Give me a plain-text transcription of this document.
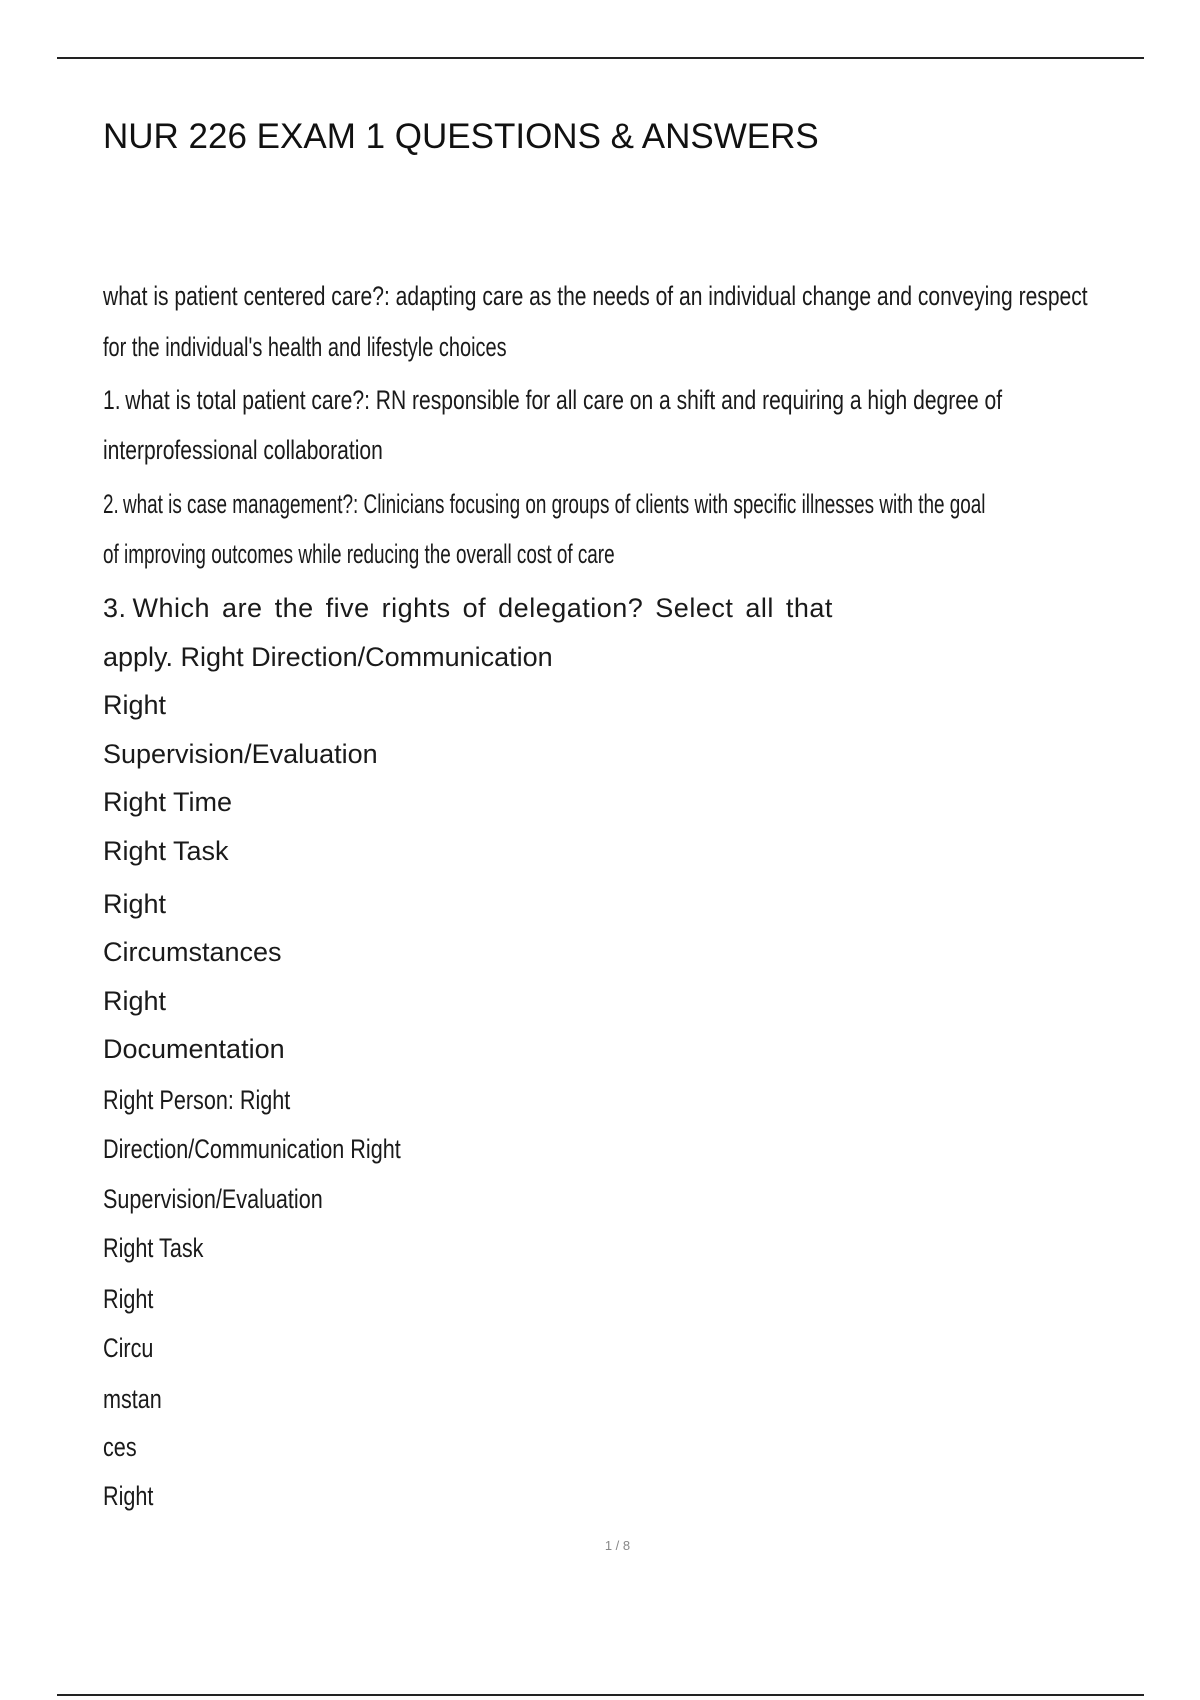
NUR 226 EXAM 1 QUESTIONS & ANSWERS

what is patient centered care?: adapting care as the needs of an individual change and conveying respect

for the individual's health and lifestyle choices

1. what is total patient care?: RN responsible for all care on a shift and requiring a high degree of

interprofessional collaboration

2. what is case management?: Clinicians focusing on groups of clients with specific illnesses with the goal

of improving outcomes while reducing the overall cost of care

3. Which are the five rights of delegation? Select all that

apply. Right Direction/Communication

Right

Supervision/Evaluation

Right Time

Right Task

Right

Circumstances

Right

Documentation

Right Person: Right

Direction/Communication Right

Supervision/Evaluation

Right Task

Right

Circu

mstan

ces

Right

1 / 8
